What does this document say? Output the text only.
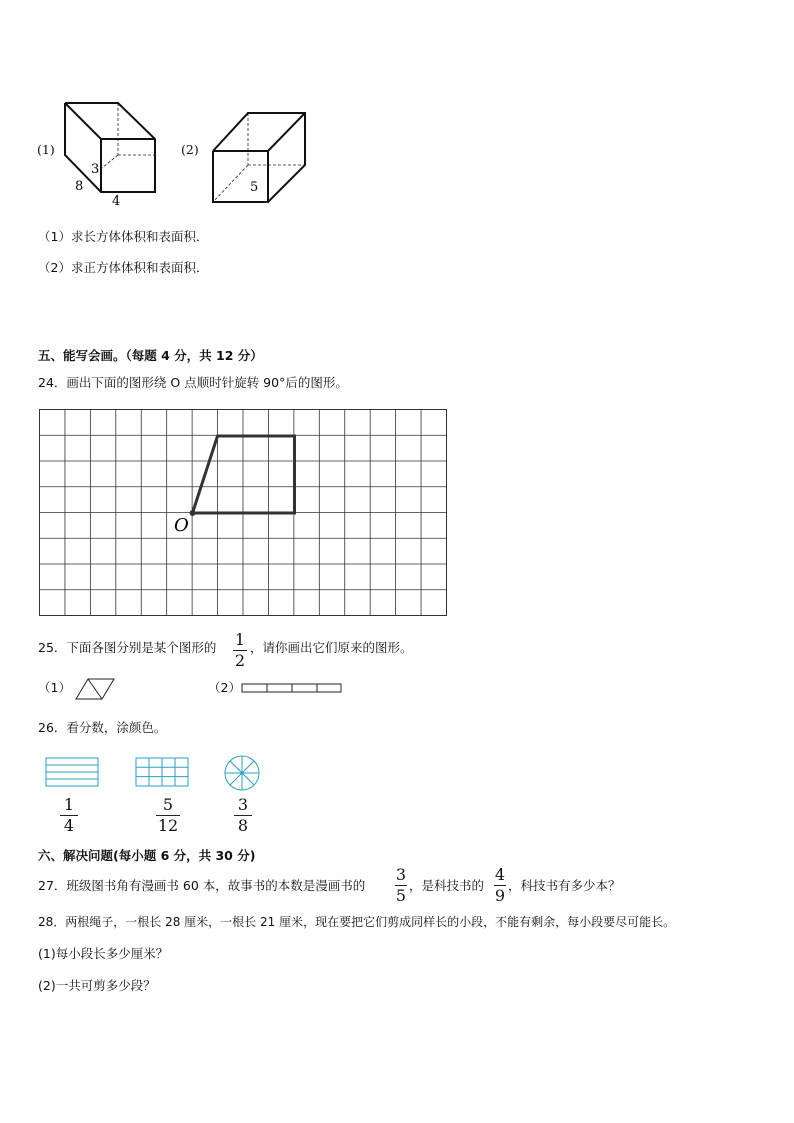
(1)
8
3
4
(2)
5
（1）求长方体体积和表面积．
（2）求正方体体积和表面积．
五、能写会画。（每题 4 分，共 12 分）
24．画出下面的图形绕 O 点顺时针旋转 90°后的图形。
O
25．下面各图分别是某个图形的 1
2
，请你画出它们原来的图形。
（1）	（2）
26．看分数，涂颜色。
1
4
5
12
3
8
六、解决问题(每小题 6 分，共 30 分)
27．班级图书角有漫画书 60 本，故事书的本数是漫画书的
3
5
，是科技书的
4
9
，科技书有多少本？
28．两根绳子，一根长 28 厘米，一根长 21 厘米，现在要把它们剪成同样长的小段，不能有剩余，每小段要尽可能长。
(1)每小段长多少厘米？
(2)一共可剪多少段？
